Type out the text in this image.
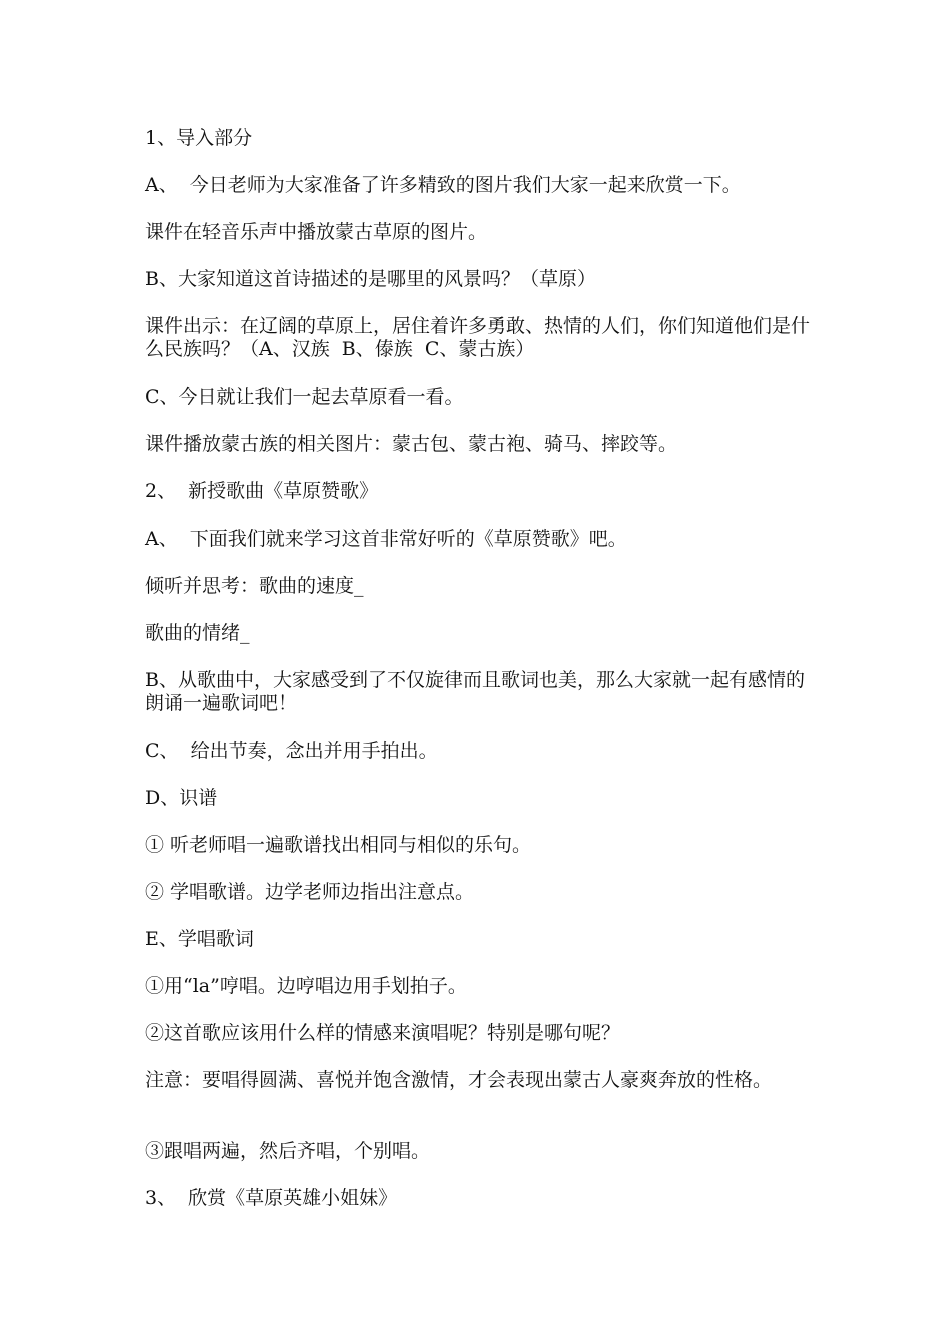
1、导入部分

A、  今日老师为大家准备了许多精致的图片我们大家一起来欣赏一下。

课件在轻音乐声中播放蒙古草原的图片。

B、大家知道这首诗描述的是哪里的风景吗？（草原）

课件出示：在辽阔的草原上，居住着许多勇敢、热情的人们，你们知道他们是什么民族吗？（A、汉族  B、傣族  C、蒙古族）

C、今日就让我们一起去草原看一看。

课件播放蒙古族的相关图片：蒙古包、蒙古袍、骑马、摔跤等。

2、  新授歌曲《草原赞歌》

A、  下面我们就来学习这首非常好听的《草原赞歌》吧。

倾听并思考：歌曲的速度_

歌曲的情绪_

B、从歌曲中，大家感受到了不仅旋律而且歌词也美，那么大家就一起有感情的朗诵一遍歌词吧！

C、  给出节奏，念出并用手拍出。

D、识谱

① 听老师唱一遍歌谱找出相同与相似的乐句。

② 学唱歌谱。边学老师边指出注意点。

E、学唱歌词

①用“la”哼唱。边哼唱边用手划拍子。

②这首歌应该用什么样的情感来演唱呢？特别是哪句呢？

注意：要唱得圆满、喜悦并饱含激情，才会表现出蒙古人豪爽奔放的性格。

③跟唱两遍，然后齐唱，个别唱。

3、  欣赏《草原英雄小姐妹》
